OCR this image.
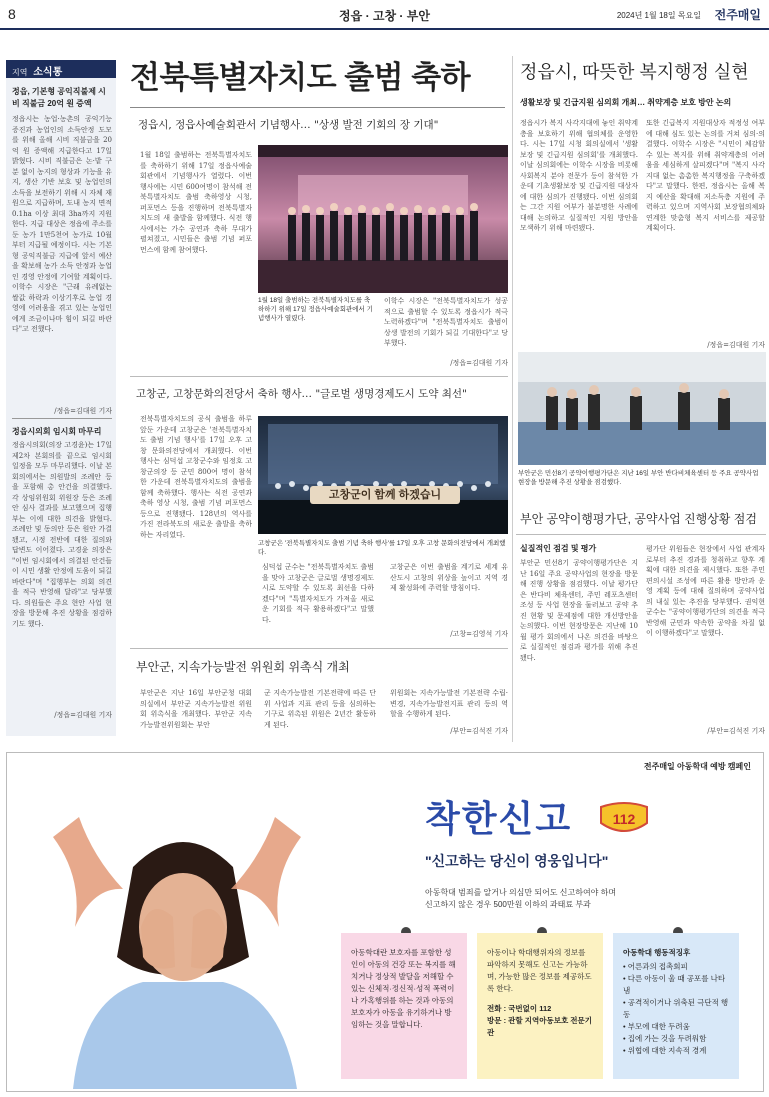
8	정읍 · 고창 · 부안	2024년 1월 18일 목요일 전주매일
지역 소식통
정읍, 기본형 공익직불제 시비 직불금 20억 원 증액
정읍시는 농업·농촌의 공익기능 증진과 농업인의 소득안정 도모를 위해 올해 시비 직불금을 20억 원 증액해 지급한다고 17일 밝혔다. 시비 직불금은 논·밭 구분 없이 농지의 형상과 기능을 유지, 생산 기반 보호 및 농업인의 소득을 보전하기 위해 시 자체 재원으로 지급하며, 도내 농지 면적 0.1ha 이상 최대 3ha까지 지원한다. 지급 대상은 정읍에 주소를 둔 농가 1만5천여 농가로 10월 부터 지급될 예정이다. 시는 기본형 공익직불금 지급에 앞서 예산을 확보해 농가 소득 안정과 농업인 경영 안정에 기여할 계획이다. 이학수 시장은 "근래 유례없는 쌀값 하락과 이상기후로 농업 경영에 어려움을 겪고 있는 농업인에게 조금이나마 힘이 되길 바란다"고 전했다.
/정읍=김대원 기자
정읍시의회 임시회 마무리
정읍시의회(의장 고경윤)는 17일 제2차 본회의를 끝으로 임시회 일정을 모두 마무리했다. 이날 본회의에서는 의원발의 조례안 등을 포함해 총 안건을 의결했다. 각 상임위원회 위원장 등은 조례안 심사 결과를 보고했으며 집행부는 이에 대한 의견을 밝혔다. 조례안 및 동의안 등은 원안 가결됐고, 시정 전반에 대한 질의와 답변도 이어졌다. 고경윤 의장은 "이번 임시회에서 의결된 안건들이 시민 생활 안정에 도움이 되길 바란다"며 "집행부는 의회 의견을 적극 반영해 달라"고 당부했다. 의원들은 주요 현안 사업 현장을 방문해 추진 상황을 점검하기도 했다.
/정읍=김대원 기자
전북특별자치도 출범 축하
정읍시, 정읍사예술회관서 기념행사… "상생 발전 기회의 장 기대"
1월 18일 출범하는 전북특별자치도를 축하하기 위해 17일 정읍사예술회관에서 기념행사가 열렸다. 이번 행사에는 시민 600여명이 참석해 전북특별자치도 출범 축하영상 시청, 퍼포먼스 등을 진행하며 전북특별자치도의 새 출발을 함께했다. 식전 행사에서는 가수 공연과 축하 무대가 펼쳐졌고, 시민들은 출범 기념 퍼포먼스에 함께 참여했다.
1월 18일 출범하는 전북특별자치도를 축하하기 위해 17일 정읍사예술회관에서 기념행사가 열렸다.
이학수 시장은 "전북특별자치도가 성공적으로 출범할 수 있도록 정읍시가 적극 노력하겠다"며 "전북특별자치도 출범이 상생 발전의 기회가 되길 기대한다"고 당부했다.
/정읍=김대원 기자
고창군, 고창문화의전당서 축하 행사… "글로벌 생명경제도시 도약 최선"
전북특별자치도의 공식 출범을 하루 앞둔 가운데 고창군은 '전북특별자치도 출범 기념 행사'를 17일 오후 고창 문화의전당에서 개최했다. 이번 행사는 심덕섭 고창군수와 임정호 고창군의장 등 군민 800여 명이 참석한 가운데 전북특별자치도의 출범을 함께 축하했다. 행사는 식전 공연과 축하 영상 시청, 출범 기념 퍼포먼스 등으로 진행됐다. 128년의 역사를 가진 전라북도의 새로운 출발을 축하하는 자리였다.
고창군이 함께 하겠습니
고창군은 '전북특별자치도 출범 기념 축하 행사'를 17일 오후 고창 문화의전당에서 개최했다.
심덕섭 군수는 "전북특별자치도 출범을 맞아 고창군은 글로벌 생명경제도시로 도약할 수 있도록 최선을 다하겠다"며 "특별자치도가 가져올 새로운 기회를 적극 활용하겠다"고 말했다.
고창군은 이번 출범을 계기로 세계 유산도시 고창의 위상을 높이고 지역 경제 활성화에 주력할 방침이다.
/고창=김영석 기자
부안군, 지속가능발전 위원회 위촉식 개최
부안군은 지난 16일 부안군청 대회의실에서 부안군 지속가능발전 위원회 위촉식을 개최했다. 부안군 지속가능발전위원회는 부안
군 지속가능발전 기본전략에 따른 단위 사업과 지표 관리 등을 심의하는 기구로 위촉된 위원은 2년간 활동하게 된다.
위원회는 지속가능발전 기본전략 수립·변경, 지속가능발전지표 관리 등의 역할을 수행하게 된다.
/부안=김석진 기자
정읍시, 따뜻한 복지행정 실현
생활보장 및 긴급지원 심의회 개최… 취약계층 보호 방안 논의
정읍시가 복지 사각지대에 놓인 취약계층을 보호하기 위해 협의체를 운영한다. 시는 17일 시청 회의실에서 '생활보장 및 긴급지원 심의회'를 개최했다. 이날 심의회에는 이학수 시장을 비롯해 사회복지 분야 전문가 등이 참석한 가운데 기초생활보장 및 긴급지원 대상자에 대한 심의가 진행됐다. 이번 심의회는 그간 지원 여부가 불분명한 사례에 대해 논의하고 실질적인 지원 방안을 모색하기 위해 마련됐다.
또한 긴급복지 지원대상자 적정성 여부에 대해 심도 있는 논의를 거쳐 심의·의결했다. 이학수 시장은 "시민이 체감할 수 있는 복지를 위해 취약계층의 어려움을 세심하게 살피겠다"며 "복지 사각지대 없는 촘촘한 복지행정을 구축하겠다"고 말했다. 한편, 정읍시는 올해 복지 예산을 확대해 저소득층 지원에 주력하고 있으며 지역사회 보장협의체와 연계한 맞춤형 복지 서비스를 제공할 계획이다.
/정읍=김대원 기자
부안군은 민선8기 공약이행평가단은 지난 16일 부안 반다비체육센터 등 주요 공약사업 현장을 방문해 추진 상황을 점검했다.
부안 공약이행평가단, 공약사업 진행상황 점검
실질적인 점검 및 평가
부안군 민선8기 공약이행평가단은 지난 16일 주요 공약사업의 현장을 방문해 진행 상황을 점검했다. 이날 평가단은 반다비 체육센터, 주민 레포츠센터 조성 등 사업 현장을 둘러보고 공약 추진 현황 및 문제점에 대한 개선방안을 논의했다. 이번 현장방문은 지난해 10월 평가 회의에서 나온 의견을 바탕으로 실질적인 점검과 평가를 위해 추진됐다.
평가단 위원들은 현장에서 사업 관계자로부터 추진 경과를 청취하고 향후 계획에 대한 의견을 제시했다. 또한 주민 편의시설 조성에 따른 활용 방안과 운영 계획 등에 대해 질의하며 공약사업의 내실 있는 추진을 당부했다. 권익현 군수는 "공약이행평가단의 의견을 적극 반영해 군민과 약속한 공약을 차질 없이 이행하겠다"고 말했다.
/부안=김석진 기자
전주매일 아동학대 예방 캠페인
착한신고	112
"신고하는 당신이 영웅입니다"
아동학대 범죄를 알거나 의심만 되어도 신고하여야 하며
신고하지 않은 경우 500만원 이하의 과태료 부과
아동학대란 보호자를 포함한 성인이 아동의 건강 또는 복지를 해치거나 정상적 발달을 저해할 수 있는 신체적·정신적·성적 폭력이나 가혹행위를 하는 것과 아동의 보호자가 아동을 유기하거나 방임하는 것을 말합니다.
아동이나 학대행위자의 정보를 파악하지 못해도 신고는 가능하며, 가능한 많은 정보를 제공하도록 한다.
전화 : 국번없이 112
방문 : 관할 지역아동보호 전문기관
아동학대 행동적징후
• 어른과의 접촉회피
• 다른 아동이 울 때 공포를 나타냄
• 공격적이거나 위축된 극단적 행동
• 부모에 대한 두려움
• 집에 가는 것을 두려워함
• 위협에 대한 지속적 경계
